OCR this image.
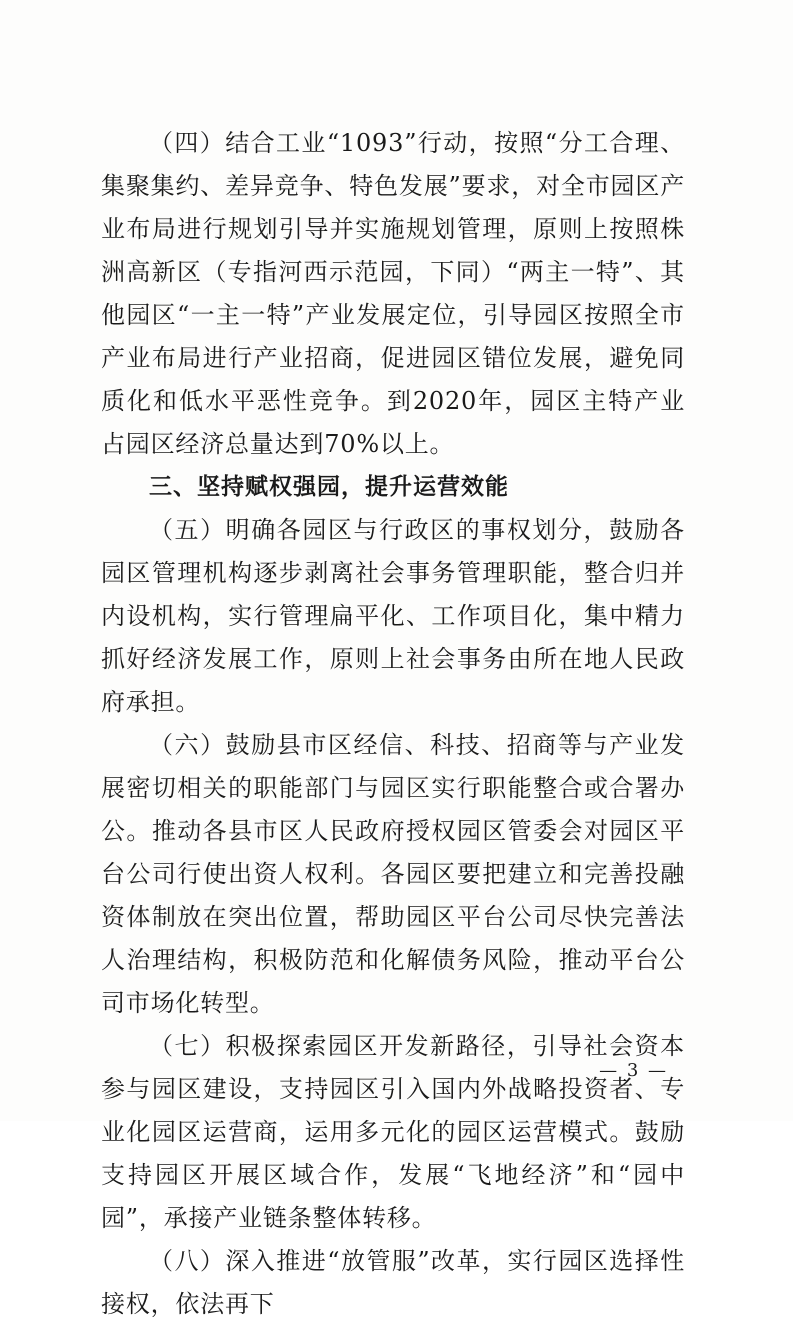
（四）结合工业“1093”行动，按照“分工合理、集聚集约、差异竞争、特色发展”要求，对全市园区产业布局进行规划引导并实施规划管理，原则上按照株洲高新区（专指河西示范园，下同）“两主一特”、其他园区“一主一特”产业发展定位，引导园区按照全市产业布局进行产业招商，促进园区错位发展，避免同质化和低水平恶性竞争。到2020年，园区主特产业占园区经济总量达到70%以上。

三、坚持赋权强园，提升运营效能

（五）明确各园区与行政区的事权划分，鼓励各园区管理机构逐步剥离社会事务管理职能，整合归并内设机构，实行管理扁平化、工作项目化，集中精力抓好经济发展工作，原则上社会事务由所在地人民政府承担。

（六）鼓励县市区经信、科技、招商等与产业发展密切相关的职能部门与园区实行职能整合或合署办公。推动各县市区人民政府授权园区管委会对园区平台公司行使出资人权利。各园区要把建立和完善投融资体制放在突出位置，帮助园区平台公司尽快完善法人治理结构，积极防范和化解债务风险，推动平台公司市场化转型。

（七）积极探索园区开发新路径，引导社会资本参与园区建设，支持园区引入国内外战略投资者、专业化园区运营商，运用多元化的园区运营模式。鼓励支持园区开展区域合作，发展“飞地经济”和“园中园”，承接产业链条整体转移。

（八）深入推进“放管服”改革，实行园区选择性接权，依法再下

— 3 —
